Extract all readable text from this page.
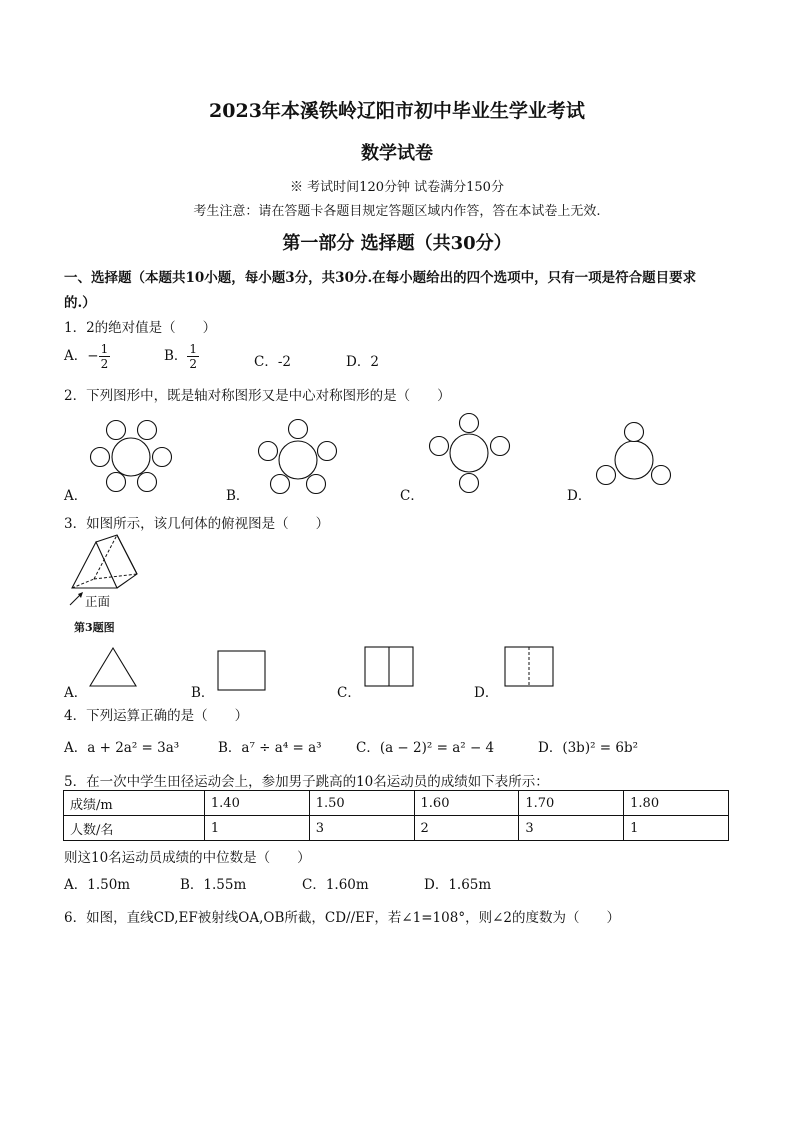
2023年本溪铁岭辽阳市初中毕业生学业考试
数学试卷
※ 考试时间120分钟 试卷满分150分
考生注意：请在答题卡各题目规定答题区域内作答，答在本试卷上无效.
第一部分 选择题（共30分）
一、选择题（本题共10小题，每小题3分，共30分.在每小题给出的四个选项中，只有一项是符合题目要求
的.）
1．2的绝对值是（　　）
A．− $\frac{1}{2}$	B． $\frac{1}{2}$	C．-2	D．2
2．下列图形中，既是轴对称图形又是中心对称图形的是（　　）
A．	B．	C．	D．
3．如图所示，该几何体的俯视图是（　　）
正面
第3题图
A．	B．	C．	D．
4．下列运算正确的是（　　）
A．a + 2a² = 3a³	B．a⁷ ÷ a⁴ = a³	C．(a − 2)² = a² − 4	D．(3b)² = 6b²
5．在一次中学生田径运动会上，参加男子跳高的10名运动员的成绩如下表所示：
成绩/m	1.40	1.50	1.60	1.70	1.80
人数/名	1	3	2	3	1
则这10名运动员成绩的中位数是（　　）
A．1.50m	B．1.55m	C．1.60m	D．1.65m
6．如图，直线CD,EF被射线OA,OB所截，CD//EF，若∠1=108°，则∠2的度数为（　　）
